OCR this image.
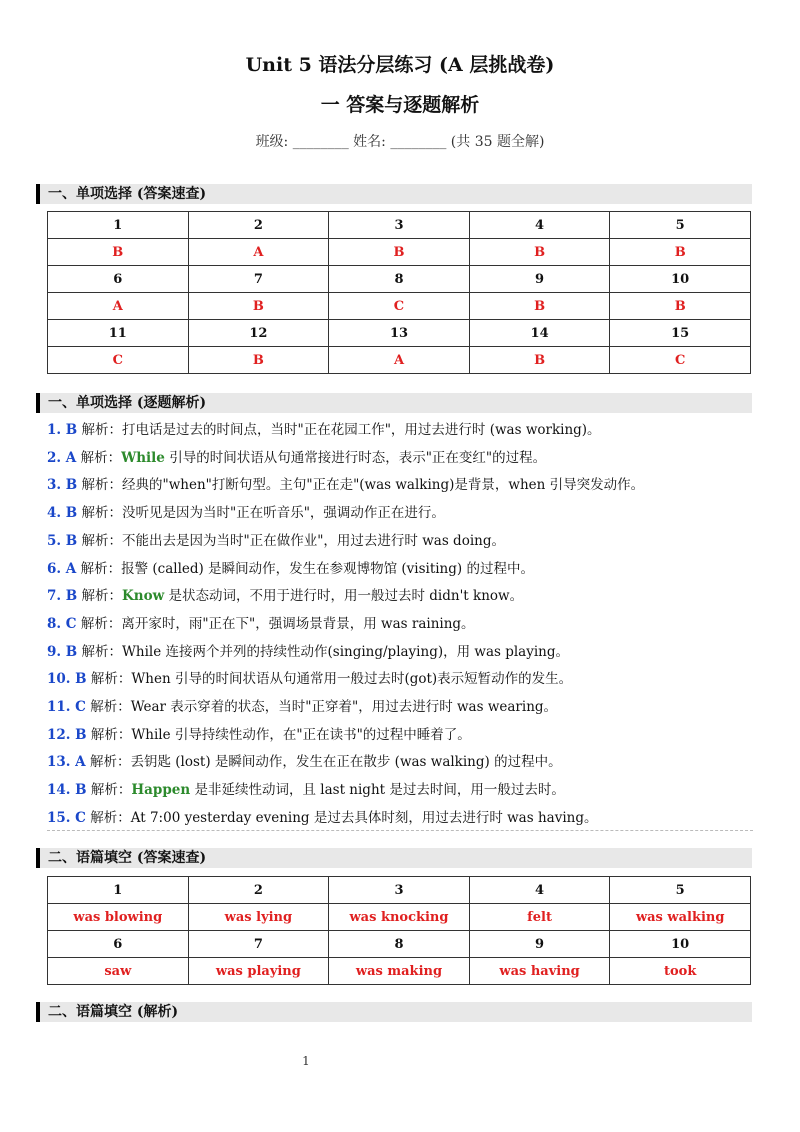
Unit 5 语法分层练习 (A 层挑战卷)
一 答案与逐题解析
班级: ________ 姓名: ________ (共 35 题全解)
一、单项选择 (答案速查)
1	2	3	4	5
B	A	B	B	B
6	7	8	9	10
A	B	C	B	B
11	12	13	14	15
C	B	A	B	C
一、单项选择 (逐题解析)
1. B 解析：打电话是过去的时间点，当时"正在花园工作"，用过去进行时 (was working)。
2. A 解析：While 引导的时间状语从句通常接进行时态，表示"正在变红"的过程。
3. B 解析：经典的"when"打断句型。主句"正在走"(was walking)是背景，when 引导突发动作。
4. B 解析：没听见是因为当时"正在听音乐"，强调动作正在进行。
5. B 解析：不能出去是因为当时"正在做作业"，用过去进行时 was doing。
6. A 解析：报警 (called) 是瞬间动作，发生在参观博物馆 (visiting) 的过程中。
7. B 解析：Know 是状态动词，不用于进行时，用一般过去时 didn't know。
8. C 解析：离开家时，雨"正在下"，强调场景背景，用 was raining。
9. B 解析：While 连接两个并列的持续性动作(singing/playing)，用 was playing。
10. B 解析：When 引导的时间状语从句通常用一般过去时(got)表示短暂动作的发生。
11. C 解析：Wear 表示穿着的状态，当时"正穿着"，用过去进行时 was wearing。
12. B 解析：While 引导持续性动作，在"正在读书"的过程中睡着了。
13. A 解析：丢钥匙 (lost) 是瞬间动作，发生在正在散步 (was walking) 的过程中。
14. B 解析：Happen 是非延续性动词，且 last night 是过去时间，用一般过去时。
15. C 解析：At 7:00 yesterday evening 是过去具体时刻，用过去进行时 was having。
二、语篇填空 (答案速查)
1	2	3	4	5
was blowing	was lying	was knocking	felt	was walking
6	7	8	9	10
saw	was playing	was making	was having	took
二、语篇填空 (解析)
1
